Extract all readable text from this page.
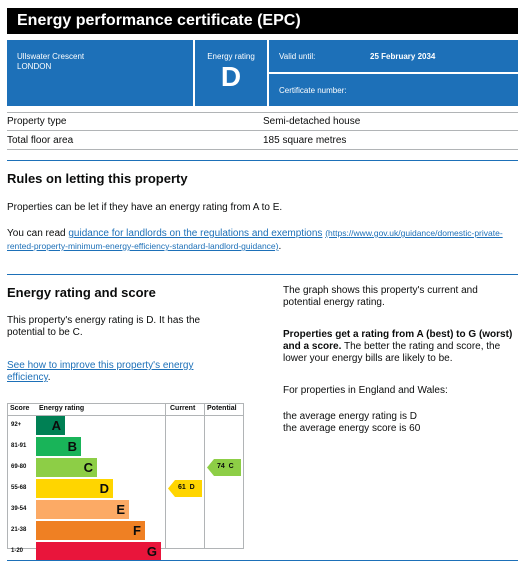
Energy performance certificate (EPC)
Ullswater Crescent
LONDON
Energy rating
D
Valid until:	25 February 2034
Certificate number:
Property type	Semi-detached house
Total floor area	185 square metres
Rules on letting this property
Properties can be let if they have an energy rating from A to E.
You can read guidance for landlords on the regulations and exemptions (https://www.gov.uk/guidance/domestic-private-rented-property-minimum-energy-efficiency-standard-landlord-guidance).
Energy rating and score
This property's energy rating is D. It has the potential to be C.
See how to improve this property's energy efficiency.
The graph shows this property's current and potential energy rating.
Properties get a rating from A (best) to G (worst) and a score. The better the rating and score, the lower your energy bills are likely to be.
For properties in England and Wales:
the average energy rating is D
the average energy score is 60
Score Energy rating	Current Potential
92+ A
81-91	B
69-80	C
55-68	D
39-54	E
21-38	F
1-20	G
61  D
74  C
